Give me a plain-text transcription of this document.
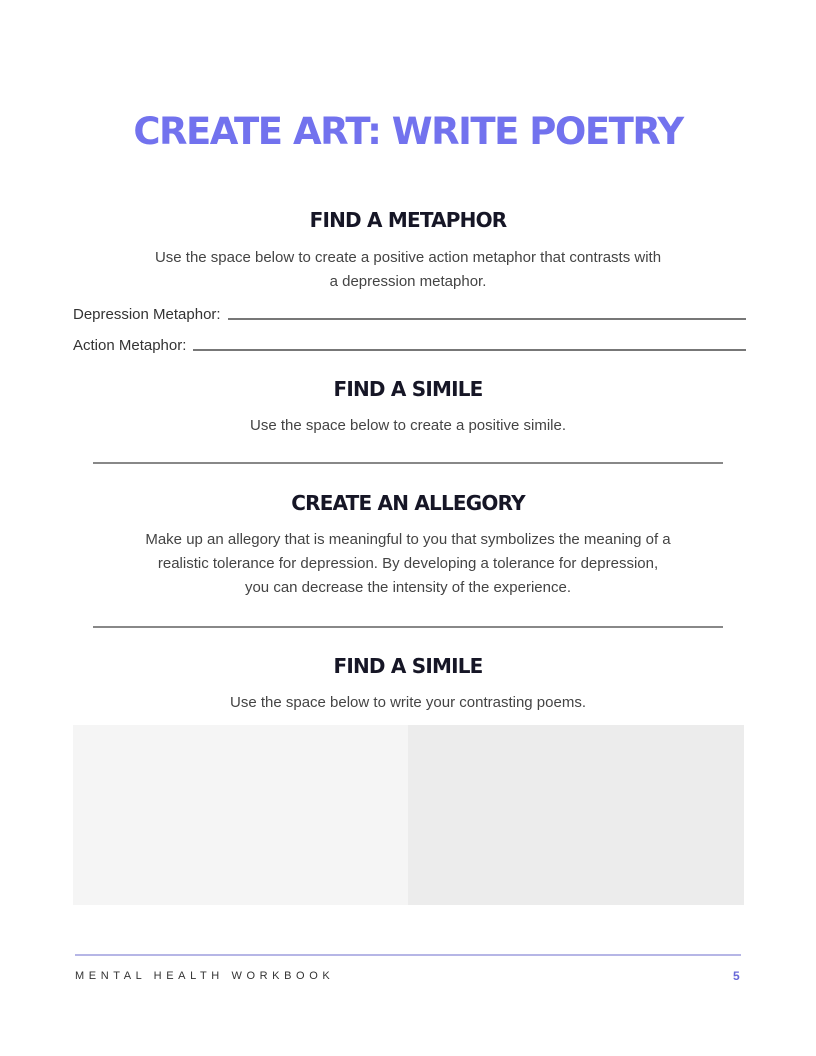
CREATE ART: WRITE POETRY
FIND A METAPHOR

Use the space below to create a positive action metaphor that contrasts with
a depression metaphor.

Depression Metaphor:
Action Metaphor:
FIND A SIMILE

Use the space below to create a positive simile.

CREATE AN ALLEGORY

Make up an allegory that is meaningful to you that symbolizes the meaning of a
realistic tolerance for depression. By developing a tolerance for depression,
you can decrease the intensity of the experience.

FIND A SIMILE

Use the space below to write your contrasting poems.

MENTAL HEALTH WORKBOOK	5
